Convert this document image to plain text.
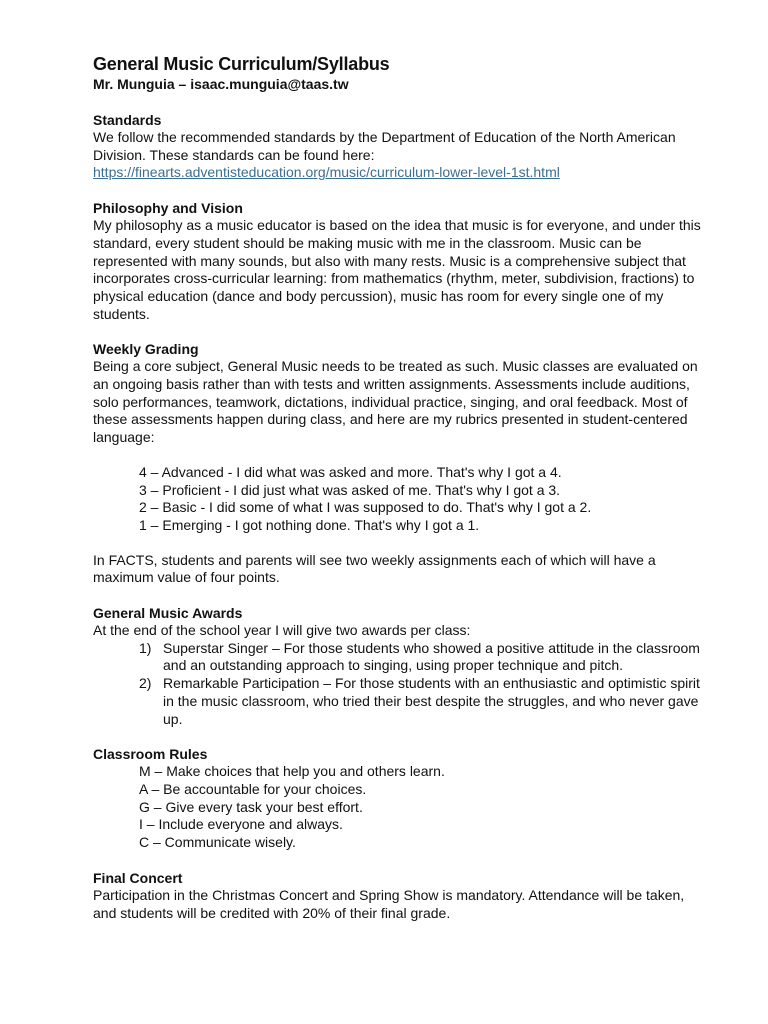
General Music Curriculum/Syllabus
Mr. Munguia – isaac.munguia@taas.tw
Standards

We follow the recommended standards by the Department of Education of the North American Division. These standards can be found here:
https://finearts.adventisteducation.org/music/curriculum-lower-level-1st.html

Philosophy and Vision

My philosophy as a music educator is based on the idea that music is for everyone, and under this standard, every student should be making music with me in the classroom. Music can be represented with many sounds, but also with many rests. Music is a comprehensive subject that incorporates cross-curricular learning: from mathematics (rhythm, meter, subdivision, fractions) to physical education (dance and body percussion), music has room for every single one of my students.

Weekly Grading

Being a core subject, General Music needs to be treated as such. Music classes are evaluated on an ongoing basis rather than with tests and written assignments. Assessments include auditions, solo performances, teamwork, dictations, individual practice, singing, and oral feedback. Most of these assessments happen during class, and here are my rubrics presented in student-centered language:

4 – Advanced - I did what was asked and more. That's why I got a 4.
3 – Proficient - I did just what was asked of me. That's why I got a 3.
2 – Basic - I did some of what I was supposed to do. That's why I got a 2.
1 – Emerging - I got nothing done. That's why I got a 1.

In FACTS, students and parents will see two weekly assignments each of which will have a maximum value of four points.

General Music Awards

At the end of the school year I will give two awards per class:

1) Superstar Singer – For those students who showed a positive attitude in the classroom and an outstanding approach to singing, using proper technique and pitch.
2) Remarkable Participation – For those students with an enthusiastic and optimistic spirit in the music classroom, who tried their best despite the struggles, and who never gave up.
Classroom Rules
M – Make choices that help you and others learn.
A – Be accountable for your choices.
G – Give every task your best effort.
I – Include everyone and always.
C – Communicate wisely.
Final Concert

Participation in the Christmas Concert and Spring Show is mandatory. Attendance will be taken, and students will be credited with 20% of their final grade.
